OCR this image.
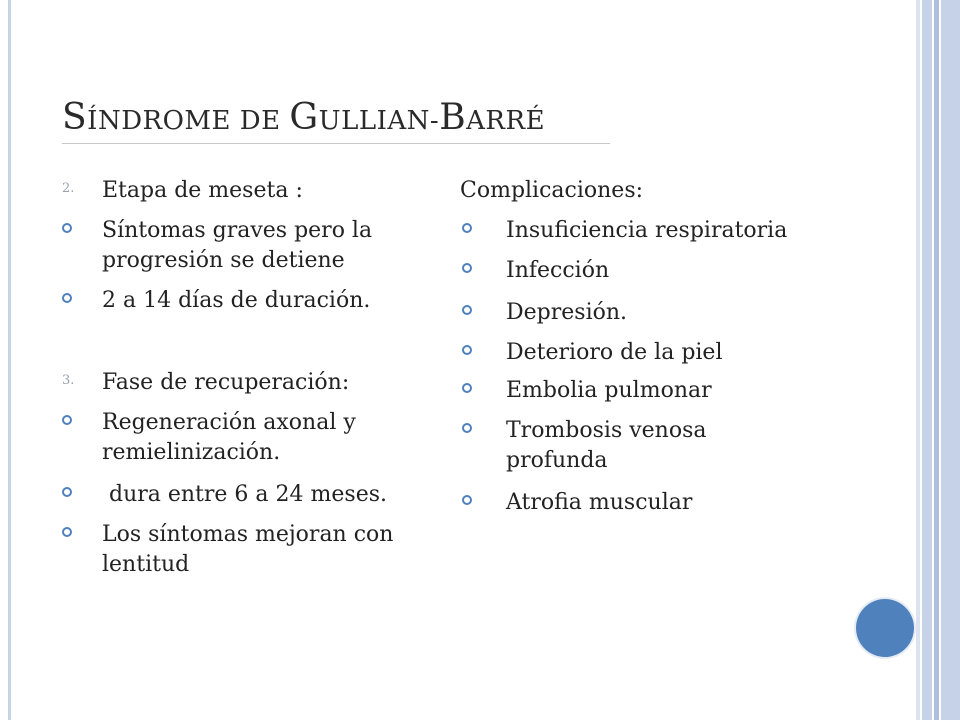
SÍNDROME DE GULLIAN-BARRÉ
2.	Etapa de meseta :
Síntomas graves pero la progresión se detiene
2 a 14 días de duración.
3.	Fase de recuperación:
Regeneración axonal y remielinización.
dura entre 6 a 24 meses.
Los síntomas mejoran con lentitud
Complicaciones:
Insuficiencia respiratoria
Infección
Depresión.
Deterioro de la piel
Embolia pulmonar
Trombosis venosa profunda
Atrofia muscular
